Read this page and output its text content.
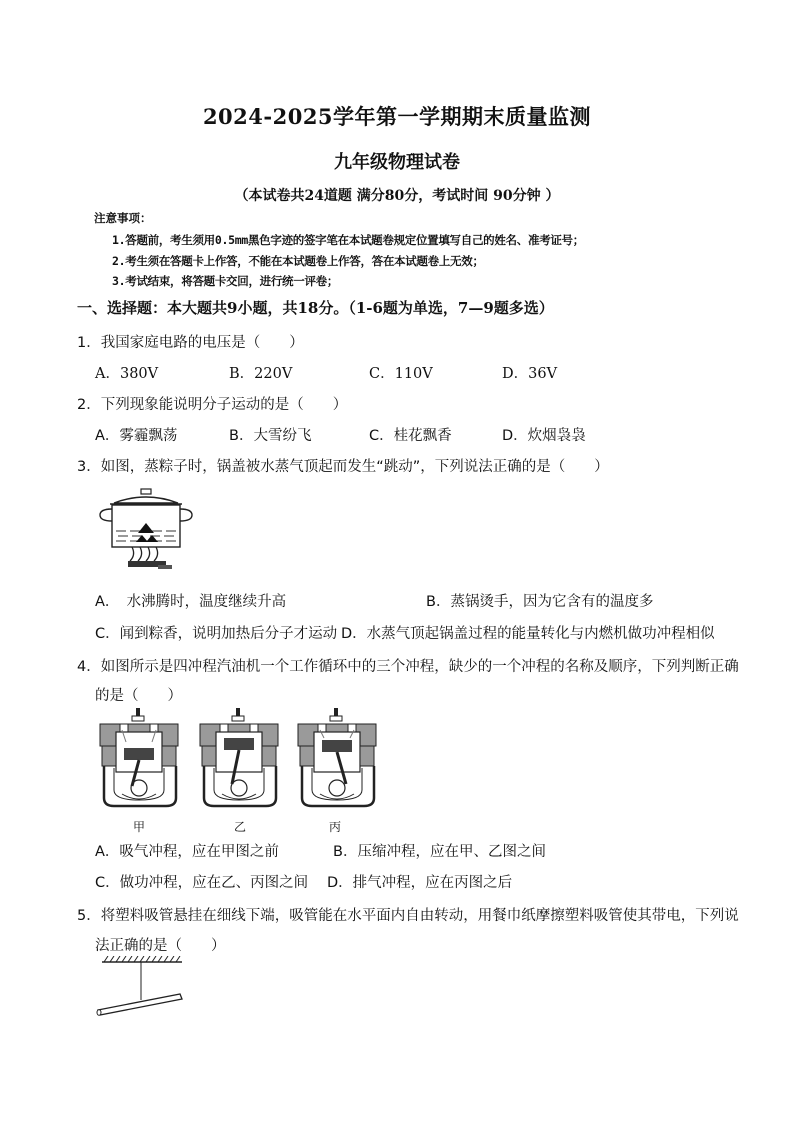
2024-2025学年第一学期期末质量监测
九年级物理试卷
（本试卷共24道题 满分80分，考试时间 90分钟 ）
注意事项：
1.答题前，考生须用0.5mm黑色字迹的签字笔在本试题卷规定位置填写自己的姓名、准考证号；
2.考生须在答题卡上作答，不能在本试题卷上作答，答在本试题卷上无效；
3.考试结束，将答题卡交回，进行统一评卷；
一、选择题：本大题共9小题，共18分。（1-6题为单选，7—9题多选）
1．我国家庭电路的电压是（　　）
A．380V	B．220V	C．110V	D．36V
2．下列现象能说明分子运动的是（　　）
A．雾霾飘荡	B．大雪纷飞	C．桂花飘香	D．炊烟袅袅
3．如图，蒸粽子时，锅盖被水蒸气顶起而发生“跳动”，下列说法正确的是（　　）
A．　水沸腾时，温度继续升高	B．蒸锅烫手，因为它含有的温度多
C．闻到粽香，说明加热后分子才运动 D．水蒸气顶起锅盖过程的能量转化与内燃机做功冲程相似
4．如图所示是四冲程汽油机一个工作循环中的三个冲程，缺少的一个冲程的名称及顺序，下列判断正确
的是（　　）
甲	乙	丙
A．吸气冲程，应在甲图之前	B．压缩冲程，应在甲、乙图之间
C．做功冲程，应在乙、丙图之间 D．排气冲程，应在丙图之后
5．将塑料吸管悬挂在细线下端，吸管能在水平面内自由转动，用餐巾纸摩擦塑料吸管使其带电，下列说
法正确的是（　　）
